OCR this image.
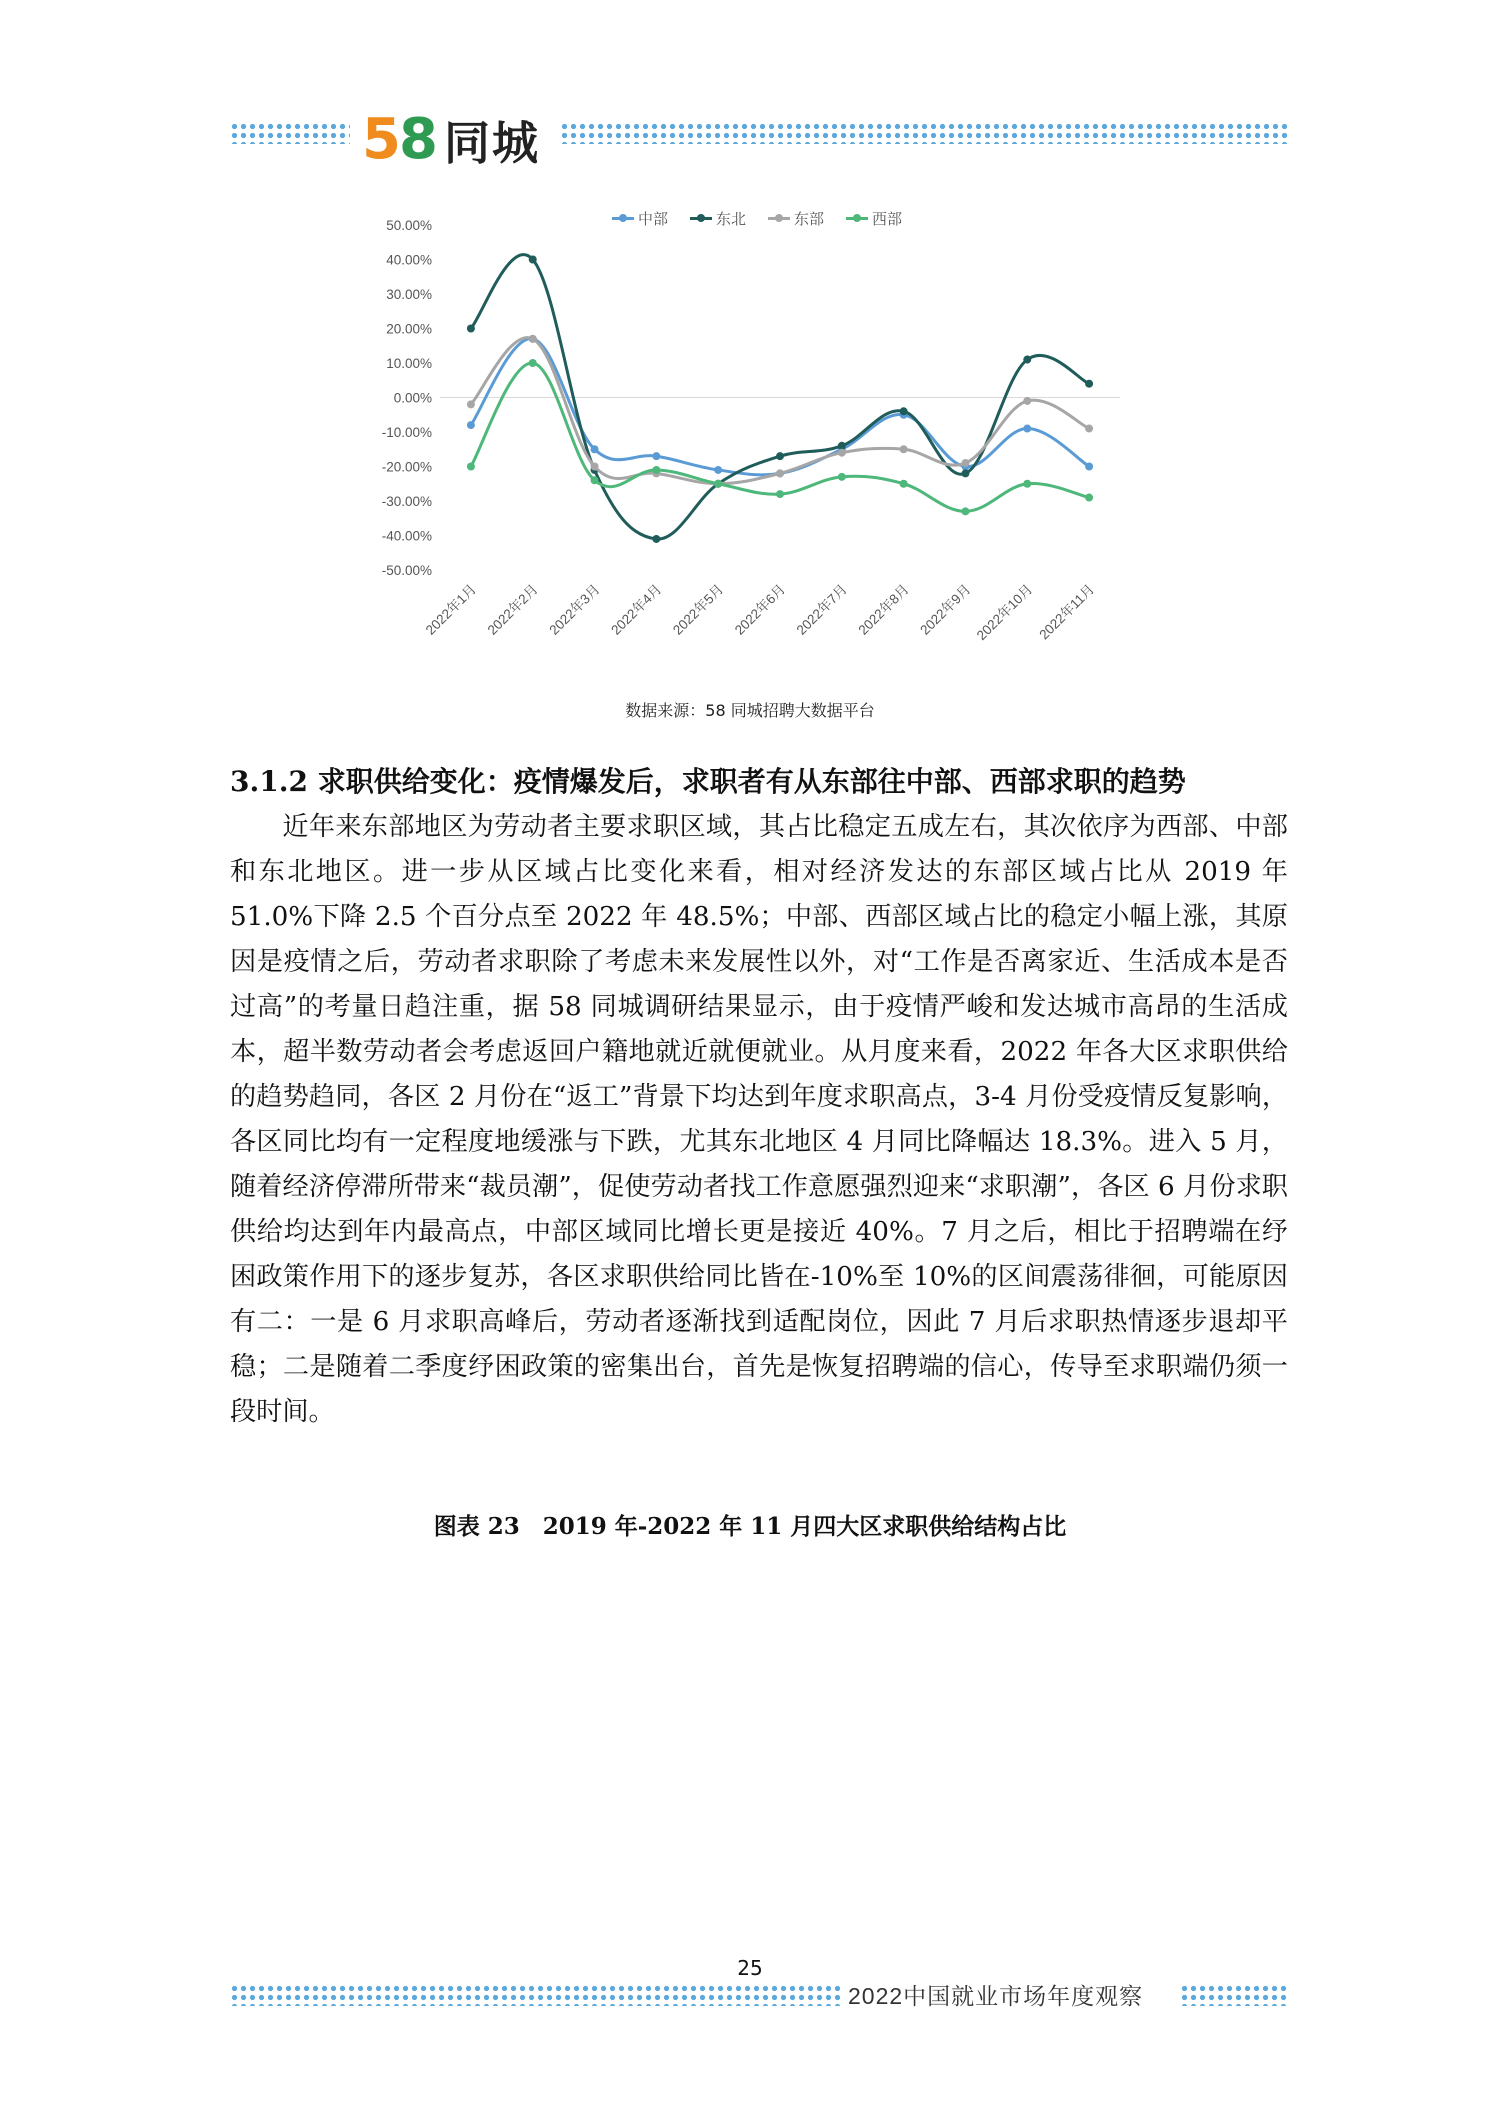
5 8 同城
中部	东北	东部	西部
50.00%
40.00%
30.00%
20.00%
10.00%
0.00%
-10.00%
-20.00%
-30.00%
-40.00%
-50.00%
2022年1月 2022年2月 2022年3月 2022年4月 2022年5月 2022年6月 2022年7月 2022年8月 2022年9月 2022年10月 2022年11月
数据来源：58 同城招聘大数据平台
3.1.2 求职供给变化：疫情爆发后，求职者有从东部往中部、西部求职的趋势
近年来东部地区为劳动者主要求职区域，其占比稳定五成左右，其次依序为西部、中部和东北地区。进一步从区域占比变化来看，相对经济发达的东部区域占比从 2019 年 51.0%下降 2.5 个百分点至 2022 年 48.5%；中部、西部区域占比的稳定小幅上涨，其原因是疫情之后，劳动者求职除了考虑未来发展性以外，对“工作是否离家近、生活成本是否过高”的考量日趋注重，据 58 同城调研结果显示，由于疫情严峻和发达城市高昂的生活成本，超半数劳动者会考虑返回户籍地就近就便就业。从月度来看，2022 年各大区求职供给的趋势趋同，各区 2 月份在“返工”背景下均达到年度求职高点，3-4 月份受疫情反复影响，各区同比均有一定程度地缓涨与下跌，尤其东北地区 4 月同比降幅达 18.3%。进入 5 月，随着经济停滞所带来“裁员潮”，促使劳动者找工作意愿强烈迎来“求职潮”，各区 6 月份求职供给均达到年内最高点，中部区域同比增长更是接近 40%。7 月之后，相比于招聘端在纾困政策作用下的逐步复苏，各区求职供给同比皆在-10%至 10%的区间震荡徘徊，可能原因有二：一是 6 月求职高峰后，劳动者逐渐找到适配岗位，因此 7 月后求职热情逐步退却平稳；二是随着二季度纾困政策的密集出台，首先是恢复招聘端的信心，传导至求职端仍须一段时间。
图表 23　2019 年-2022 年 11 月四大区求职供给结构占比
25
2022中国就业市场年度观察
